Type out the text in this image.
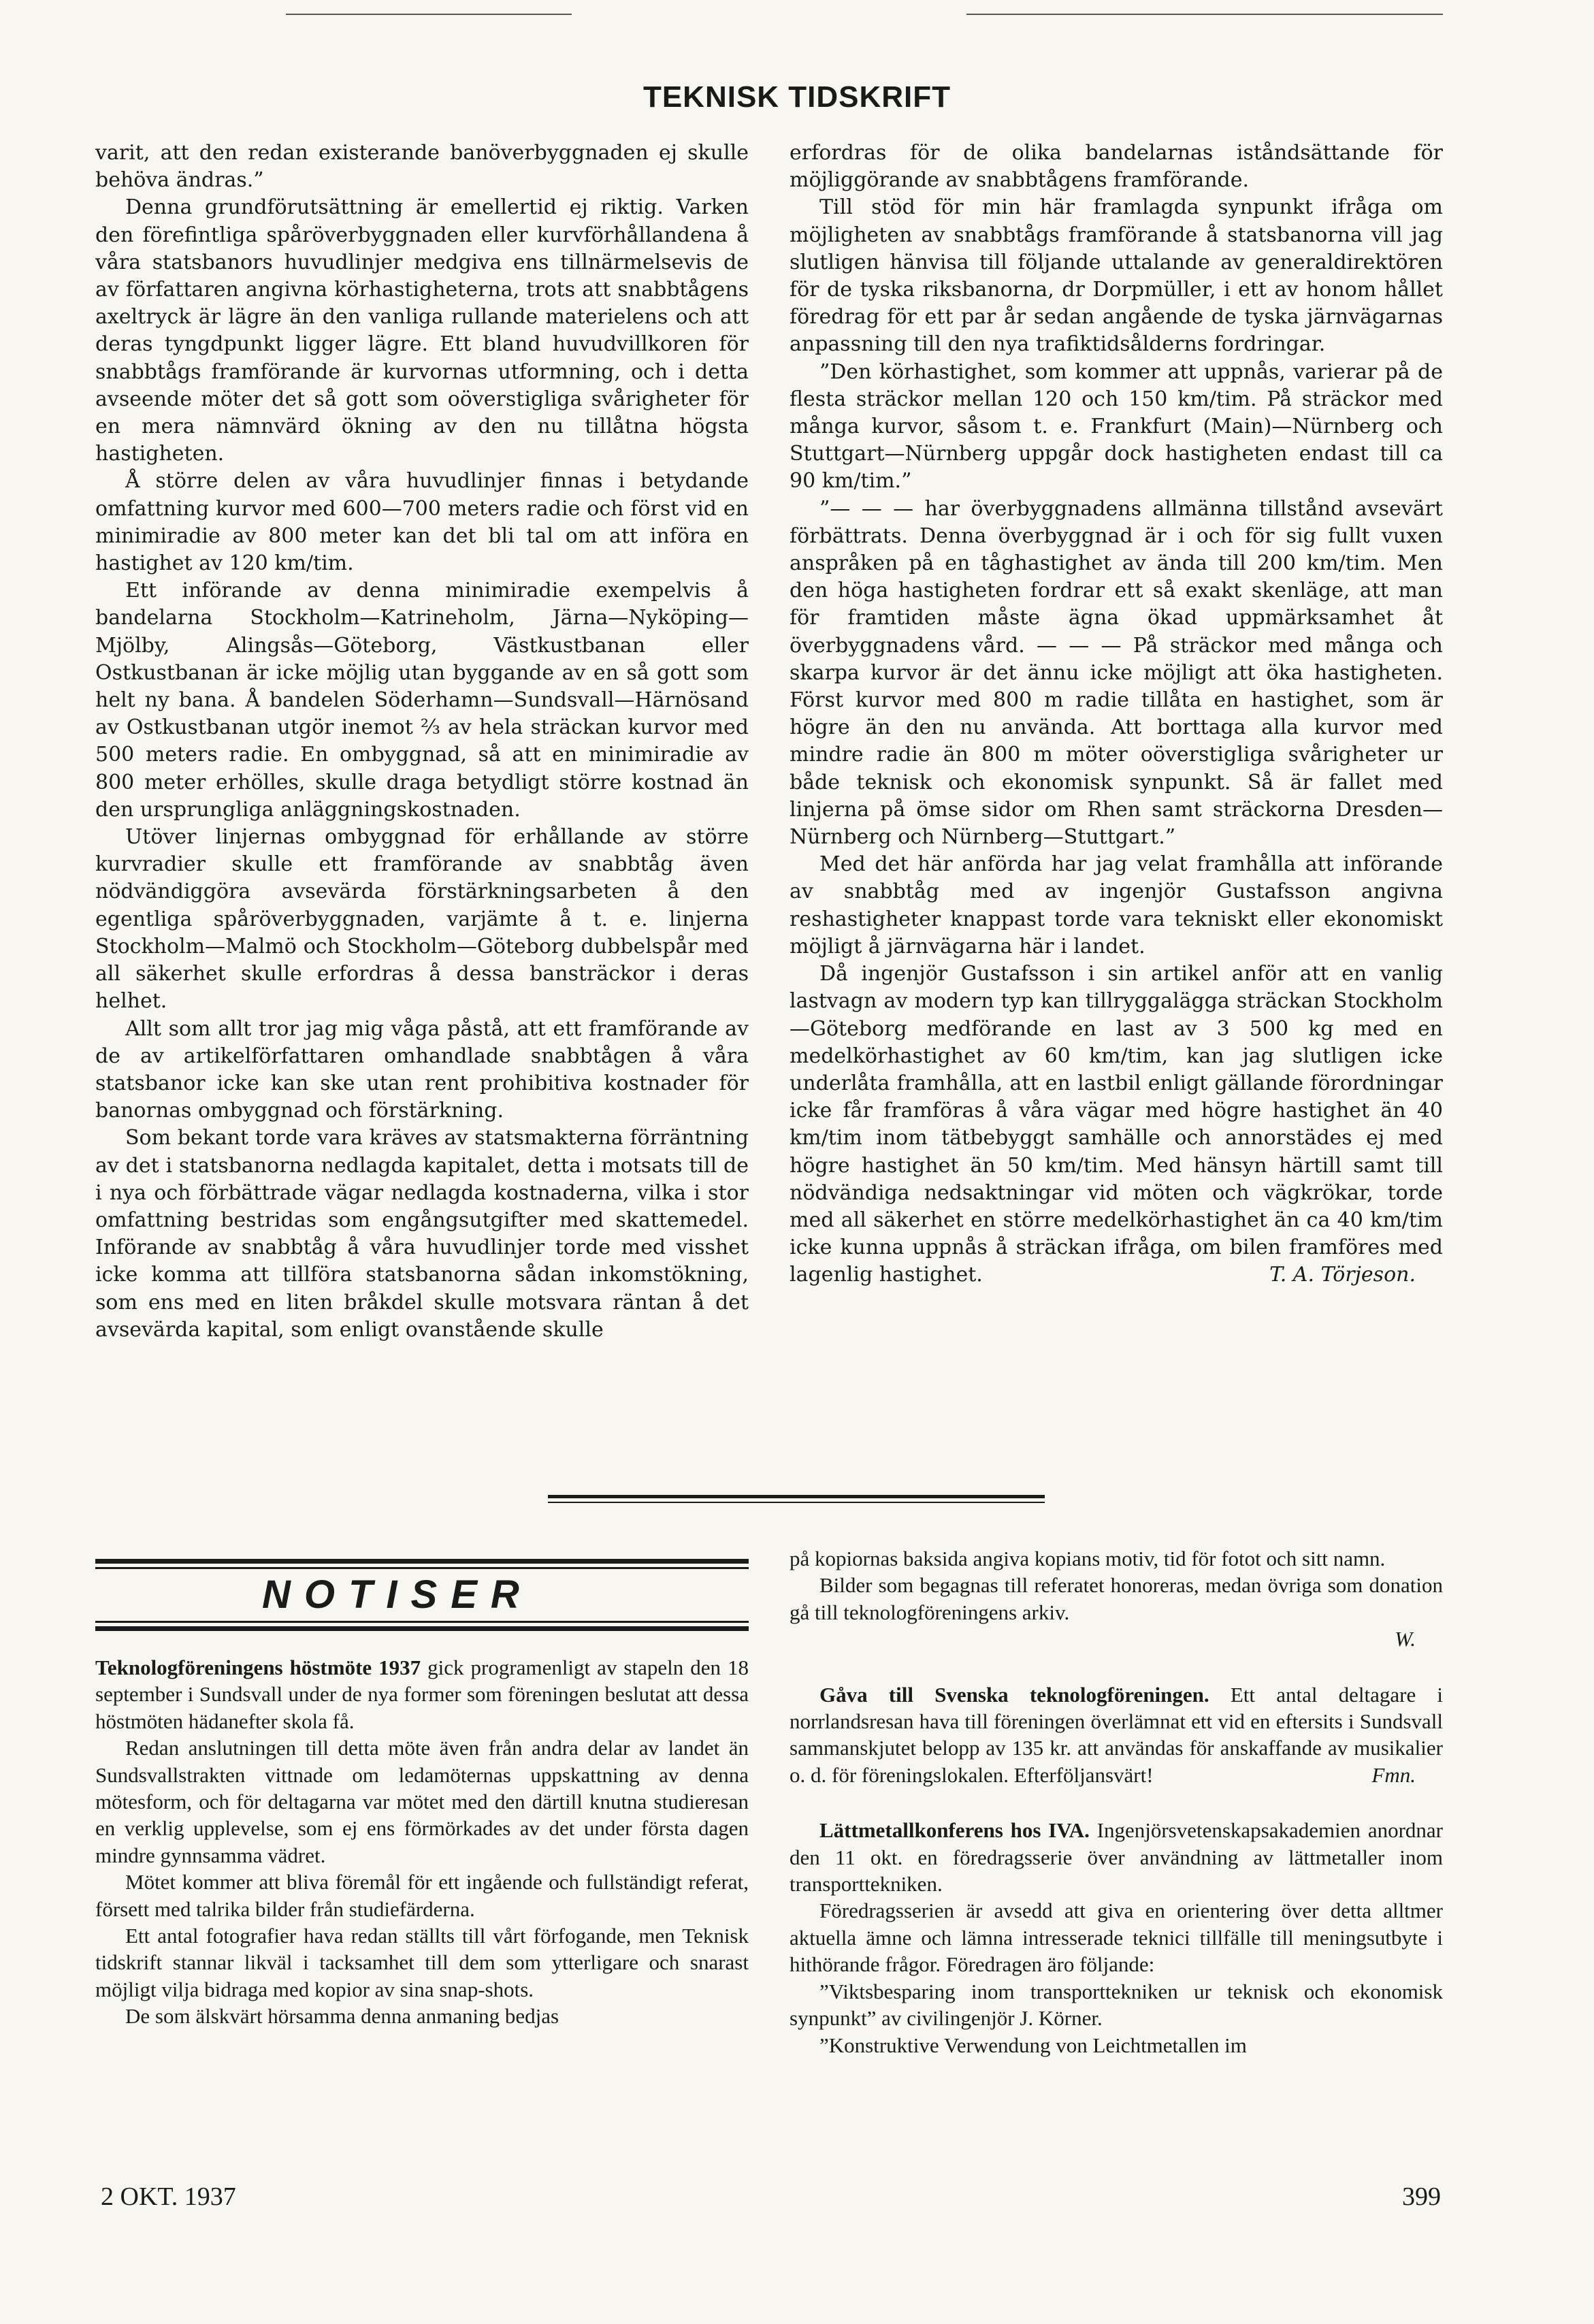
TEKNISK TIDSKRIFT

varit, att den redan existerande banöverbyggnaden ej skulle behöva ändras.”

Denna grundförutsättning är emellertid ej riktig. Varken den förefintliga spåröverbyggnaden eller kurvförhållandena å våra statsbanors huvudlinjer medgiva ens tillnärmelsevis de av författaren angivna körhastigheterna, trots att snabbtågens axeltryck är lägre än den vanliga rullande materielens och att deras tyngdpunkt ligger lägre. Ett bland huvudvillkoren för snabbtågs framförande är kurvornas utformning, och i detta avseende möter det så gott som oöverstigliga svårigheter för en mera nämnvärd ökning av den nu tillåtna högsta hastigheten.

Å större delen av våra huvudlinjer finnas i betydande omfattning kurvor med 600—700 meters radie och först vid en minimiradie av 800 meter kan det bli tal om att införa en hastighet av 120 km/tim.

Ett införande av denna minimiradie exempelvis å bandelarna Stockholm—Katrineholm, Järna—Nyköping—Mjölby, Alingsås—Göteborg, Västkustbanan eller Ostkustbanan är icke möjlig utan byggande av en så gott som helt ny bana. Å bandelen Söderhamn—Sundsvall—Härnösand av Ostkustbanan utgör inemot ⅔ av hela sträckan kurvor med 500 meters radie. En ombyggnad, så att en minimiradie av 800 meter erhölles, skulle draga betydligt större kostnad än den ursprungliga anläggningskostnaden.

Utöver linjernas ombyggnad för erhållande av större kurvradier skulle ett framförande av snabbtåg även nödvändiggöra avsevärda förstärkningsarbeten å den egentliga spåröverbyggnaden, varjämte å t. e. linjerna Stockholm—Malmö och Stockholm—Göteborg dubbelspår med all säkerhet skulle erfordras å dessa bansträckor i deras helhet.

Allt som allt tror jag mig våga påstå, att ett framförande av de av artikelförfattaren omhandlade snabbtågen å våra statsbanor icke kan ske utan rent prohibitiva kostnader för banornas ombyggnad och förstärkning.

Som bekant torde vara kräves av statsmakterna förräntning av det i statsbanorna nedlagda kapitalet, detta i motsats till de i nya och förbättrade vägar nedlagda kostnaderna, vilka i stor omfattning bestridas som engångsutgifter med skattemedel. Införande av snabbtåg å våra huvudlinjer torde med visshet icke komma att tillföra statsbanorna sådan inkomstökning, som ens med en liten bråkdel skulle motsvara räntan å det avsevärda kapital, som enligt ovanstående skulle

erfordras för de olika bandelarnas iståndsättande för möjliggörande av snabbtågens framförande.

Till stöd för min här framlagda synpunkt ifråga om möjligheten av snabbtågs framförande å statsbanorna vill jag slutligen hänvisa till följande uttalande av generaldirektören för de tyska riksbanorna, dr Dorpmüller, i ett av honom hållet föredrag för ett par år sedan angående de tyska järnvägarnas anpassning till den nya trafiktidsålderns fordringar.

”Den körhastighet, som kommer att uppnås, varierar på de flesta sträckor mellan 120 och 150 km/tim. På sträckor med många kurvor, såsom t. e. Frankfurt (Main)—Nürnberg och Stuttgart—Nürnberg uppgår dock hastigheten endast till ca 90 km/tim.”

”— — — har överbyggnadens allmänna tillstånd avsevärt förbättrats. Denna överbyggnad är i och för sig fullt vuxen anspråken på en tåghastighet av ända till 200 km/tim. Men den höga hastigheten fordrar ett så exakt skenläge, att man för framtiden måste ägna ökad uppmärksamhet åt överbyggnadens vård. — — — På sträckor med många och skarpa kurvor är det ännu icke möjligt att öka hastigheten. Först kurvor med 800 m radie tillåta en hastighet, som är högre än den nu använda. Att borttaga alla kurvor med mindre radie än 800 m möter oöverstigliga svårigheter ur både teknisk och ekonomisk synpunkt. Så är fallet med linjerna på ömse sidor om Rhen samt sträckorna Dresden—Nürnberg och Nürnberg—Stuttgart.”

Med det här anförda har jag velat framhålla att införande av snabbtåg med av ingenjör Gustafsson angivna reshastigheter knappast torde vara tekniskt eller ekonomiskt möjligt å järnvägarna här i landet.

Då ingenjör Gustafsson i sin artikel anför att en vanlig lastvagn av modern typ kan tillryggalägga sträckan Stockholm—Göteborg medförande en last av 3 500 kg med en medelkörhastighet av 60 km/tim, kan jag slutligen icke underlåta framhålla, att en lastbil enligt gällande förordningar icke får framföras å våra vägar med högre hastighet än 40 km/tim inom tätbebyggt samhälle och annorstädes ej med högre hastighet än 50 km/tim. Med hänsyn härtill samt till nödvändiga nedsaktningar vid möten och vägkrökar, torde med all säkerhet en större medelkörhastighet än ca 40 km/tim icke kunna uppnås å sträckan ifråga, om bilen framföres med lagenlig hastighet.	T. A. Törjeson.

NOTISER

Teknologföreningens höstmöte 1937 gick programenligt av stapeln den 18 september i Sundsvall under de nya former som föreningen beslutat att dessa höstmöten hädanefter skola få.

Redan anslutningen till detta möte även från andra delar av landet än Sundsvallstrakten vittnade om ledamöternas uppskattning av denna mötesform, och för deltagarna var mötet med den därtill knutna studieresan en verklig upplevelse, som ej ens förmörkades av det under första dagen mindre gynnsamma vädret.

Mötet kommer att bliva föremål för ett ingående och fullständigt referat, försett med talrika bilder från studiefärderna.

Ett antal fotografier hava redan ställts till vårt förfogande, men Teknisk tidskrift stannar likväl i tacksamhet till dem som ytterligare och snarast möjligt vilja bidraga med kopior av sina snap-shots.

De som älskvärt hörsamma denna anmaning bedjas

på kopiornas baksida angiva kopians motiv, tid för fotot och sitt namn.

Bilder som begagnas till referatet honoreras, medan övriga som donation gå till teknologföreningens arkiv.

W.

Gåva till Svenska teknologföreningen. Ett antal deltagare i norrlandsresan hava till föreningen överlämnat ett vid en eftersits i Sundsvall sammanskjutet belopp av 135 kr. att användas för anskaffande av musikalier o. d. för föreningslokalen. Efterföljansvärt!	Fmn.

Lättmetallkonferens hos IVA. Ingenjörsvetenskapsakademien anordnar den 11 okt. en föredragsserie över användning av lättmetaller inom transporttekniken.

Föredragsserien är avsedd att giva en orientering över detta alltmer aktuella ämne och lämna intresserade teknici tillfälle till meningsutbyte i hithörande frågor. Föredragen äro följande:

”Viktsbesparing inom transporttekniken ur teknisk och ekonomisk synpunkt” av civilingenjör J. Körner.

”Konstruktive Verwendung von Leichtmetallen im

2 OKT. 1937	399
